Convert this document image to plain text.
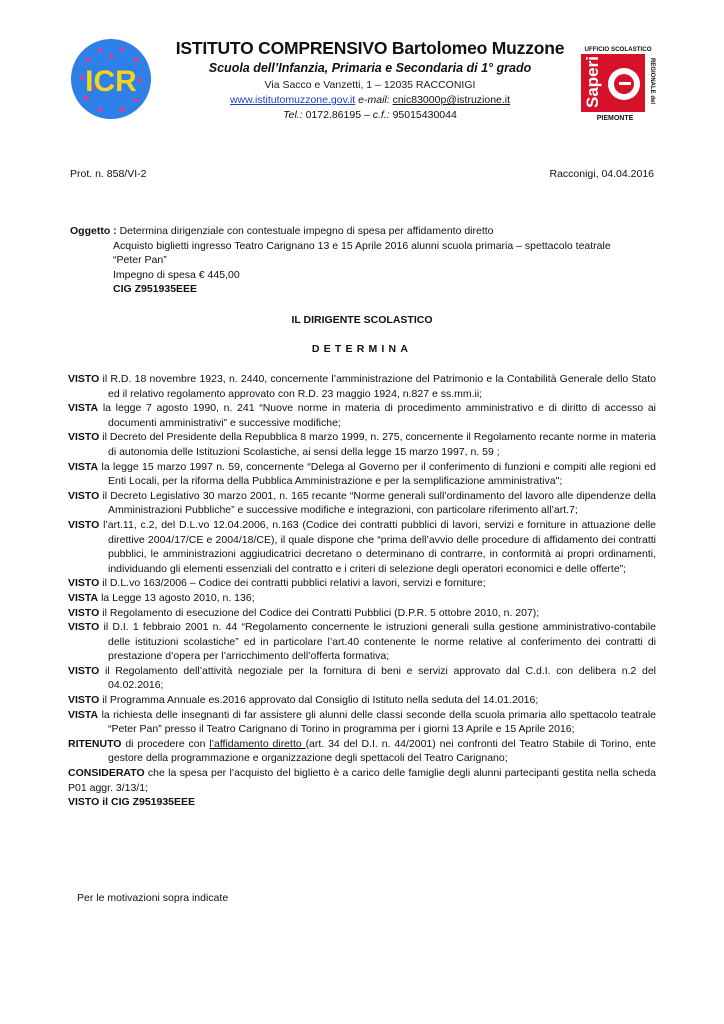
ICR
ISTITUTO COMPRENSIVO Bartolomeo Muzzone
Scuola dell’Infanzia, Primaria e Secondaria di 1° grado
Via Sacco e Vanzetti, 1 – 12035 RACCONIGI
www.istitutomuzzone.gov.it e-mail: cnic83000p@istruzione.it
Tel.: 0172.86195 – c.f.: 95015430044
UFFICIO SCOLASTICO
Saperi	REGIONALE del
PIEMONTE
Prot. n. 858/VI-2	Racconigi, 04.04.2016
Oggetto : Determina dirigenziale con contestuale impegno di spesa per affidamento diretto
Acquisto biglietti ingresso Teatro Carignano 13 e 15 Aprile 2016 alunni scuola primaria – spettacolo teatrale
“Peter Pan”
Impegno di spesa € 445,00
CIG Z951935EEE
IL DIRIGENTE SCOLASTICO
DETERMINA
VISTO il R.D. 18 novembre 1923, n. 2440, concernente l’amministrazione del Patrimonio e la Contabilità Generale dello Stato ed il relativo regolamento approvato con R.D. 23 maggio 1924, n.827 e ss.mm.ii;
VISTA la legge 7 agosto 1990, n. 241 “Nuove norme in materia di procedimento amministrativo e di diritto di accesso ai documenti amministrativi” e successive modifiche;
VISTO il Decreto del Presidente della Repubblica 8 marzo 1999, n. 275, concernente il Regolamento recante norme in materia di autonomia delle Istituzioni Scolastiche, ai sensi della legge 15 marzo 1997, n. 59 ;
VISTA la legge 15 marzo 1997 n. 59, concernente “Delega al Governo per il conferimento di funzioni e compiti alle regioni ed Enti Locali, per la riforma della Pubblica Amministrazione e per la semplificazione amministrativa";
VISTO il Decreto Legislativo 30 marzo 2001, n. 165 recante “Norme generali sull’ordinamento del lavoro alle dipendenze della Amministrazioni Pubbliche” e successive modifiche e integrazioni, con particolare riferimento all’art.7;
VISTO l’art.11, c.2, del D.L.vo 12.04.2006, n.163 (Codice dei contratti pubblici di lavori, servizi e forniture in attuazione delle direttive 2004/17/CE e 2004/18/CE), il quale dispone che “prima dell’avvio delle procedure di affidamento dei contratti pubblici, le amministrazioni aggiudicatrici decretano o determinano di contrarre, in conformità ai propri ordinamenti, individuando gli elementi essenziali del contratto e i criteri di selezione degli operatori economici e delle offerte”;
VISTO il D.L.vo 163/2006 – Codice dei contratti pubblici relativi a lavori, servizi e forniture;
VISTA la Legge 13 agosto 2010, n. 136;
VISTO il Regolamento di esecuzione del Codice dei Contratti Pubblici (D.P.R. 5 ottobre 2010, n. 207);
VISTO il D.I. 1 febbraio 2001 n. 44 “Regolamento concernente le istruzioni generali sulla gestione amministrativo-contabile delle istituzioni scolastiche” ed in particolare l’art.40 contenente le norme relative al conferimento dei contratti di prestazione d’opera per l’arricchimento dell’offerta formativa;
VISTO il Regolamento dell’attività negoziale per la fornitura di beni e servizi approvato dal C.d.I. con delibera n.2 del 04.02.2016;
VISTO il Programma Annuale es.2016 approvato dal Consiglio di Istituto nella seduta del 14.01.2016;
VISTA la richiesta delle insegnanti di far assistere gli alunni delle classi seconde della scuola primaria allo spettacolo teatrale “Peter Pan” presso il Teatro Carignano di Torino in programma per i giorni 13 Aprile e 15 Aprile 2016;
RITENUTO di procedere con l’affidamento diretto (art. 34 del D.I. n. 44/2001) nei confronti del Teatro Stabile di Torino, ente gestore della programmazione e organizzazione degli spettacoli del Teatro Carignano;
CONSIDERATO che la spesa per l’acquisto del biglietto è a carico delle famiglie degli alunni partecipanti gestita nella scheda P01 aggr. 3/13/1;
VISTO il CIG Z951935EEE
Per le motivazioni sopra indicate
